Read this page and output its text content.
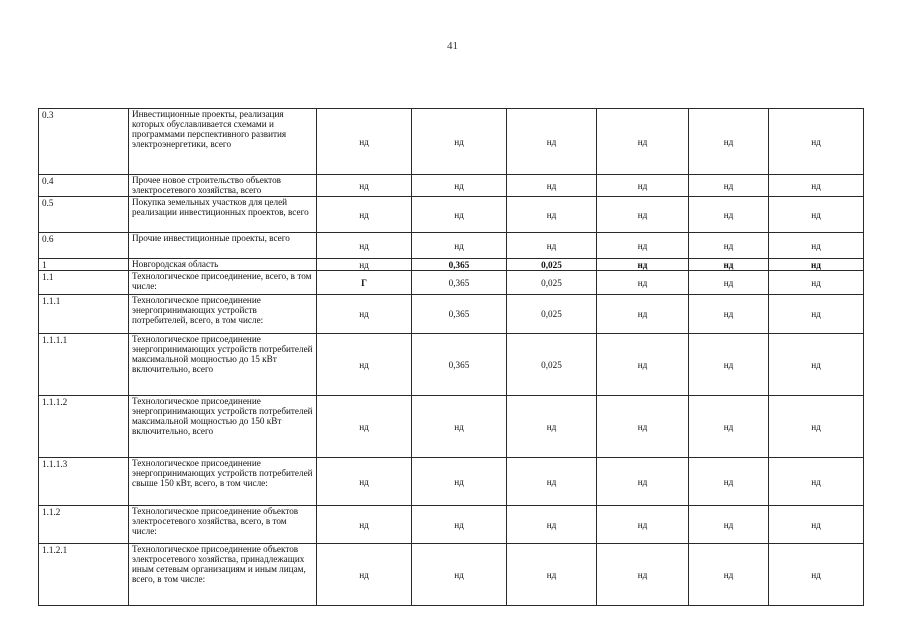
41
0.3	Инвестиционные проекты, реализация которых обуславливается схемами и программами перспективного развития электроэнергетики, всего	нд	нд	нд	нд	нд	нд
0.4	Прочее новое строительство объектов электросетевого хозяйства, всего	нд	нд	нд	нд	нд	нд
0.5	Покупка земельных участков для целей реализации инвестиционных проектов, всего	нд	нд	нд	нд	нд	нд
0.6	Прочие инвестиционные проекты, всего	нд	нд	нд	нд	нд	нд
1	Новгородская область	нд	0,365	0,025	нд	нд	нд
1.1	Технологическое присоединение, всего, в том числе:	Г	0,365	0,025	нд	нд	нд
1.1.1	Технологическое присоединение энергопринимающих устройств потребителей, всего, в том числе:	нд	0,365	0,025	нд	нд	нд
1.1.1.1	Технологическое присоединение энергопринимающих устройств потребителей максимальной мощностью до 15 кВт включительно, всего	нд	0,365	0,025	нд	нд	нд
1.1.1.2	Технологическое присоединение энергопринимающих устройств потребителей максимальной мощностью до 150 кВт включительно, всего	нд	нд	нд	нд	нд	нд
1.1.1.3	Технологическое присоединение энергопринимающих устройств потребителей свыше 150 кВт, всего, в том числе:	нд	нд	нд	нд	нд	нд
1.1.2	Технологическое присоединение объектов электросетевого хозяйства, всего, в том числе:	нд	нд	нд	нд	нд	нд
1.1.2.1	Технологическое присоединение объектов электросетевого хозяйства, принадлежащих иным сетевым организациям и иным лицам, всего, в том числе:	нд	нд	нд	нд	нд	нд
